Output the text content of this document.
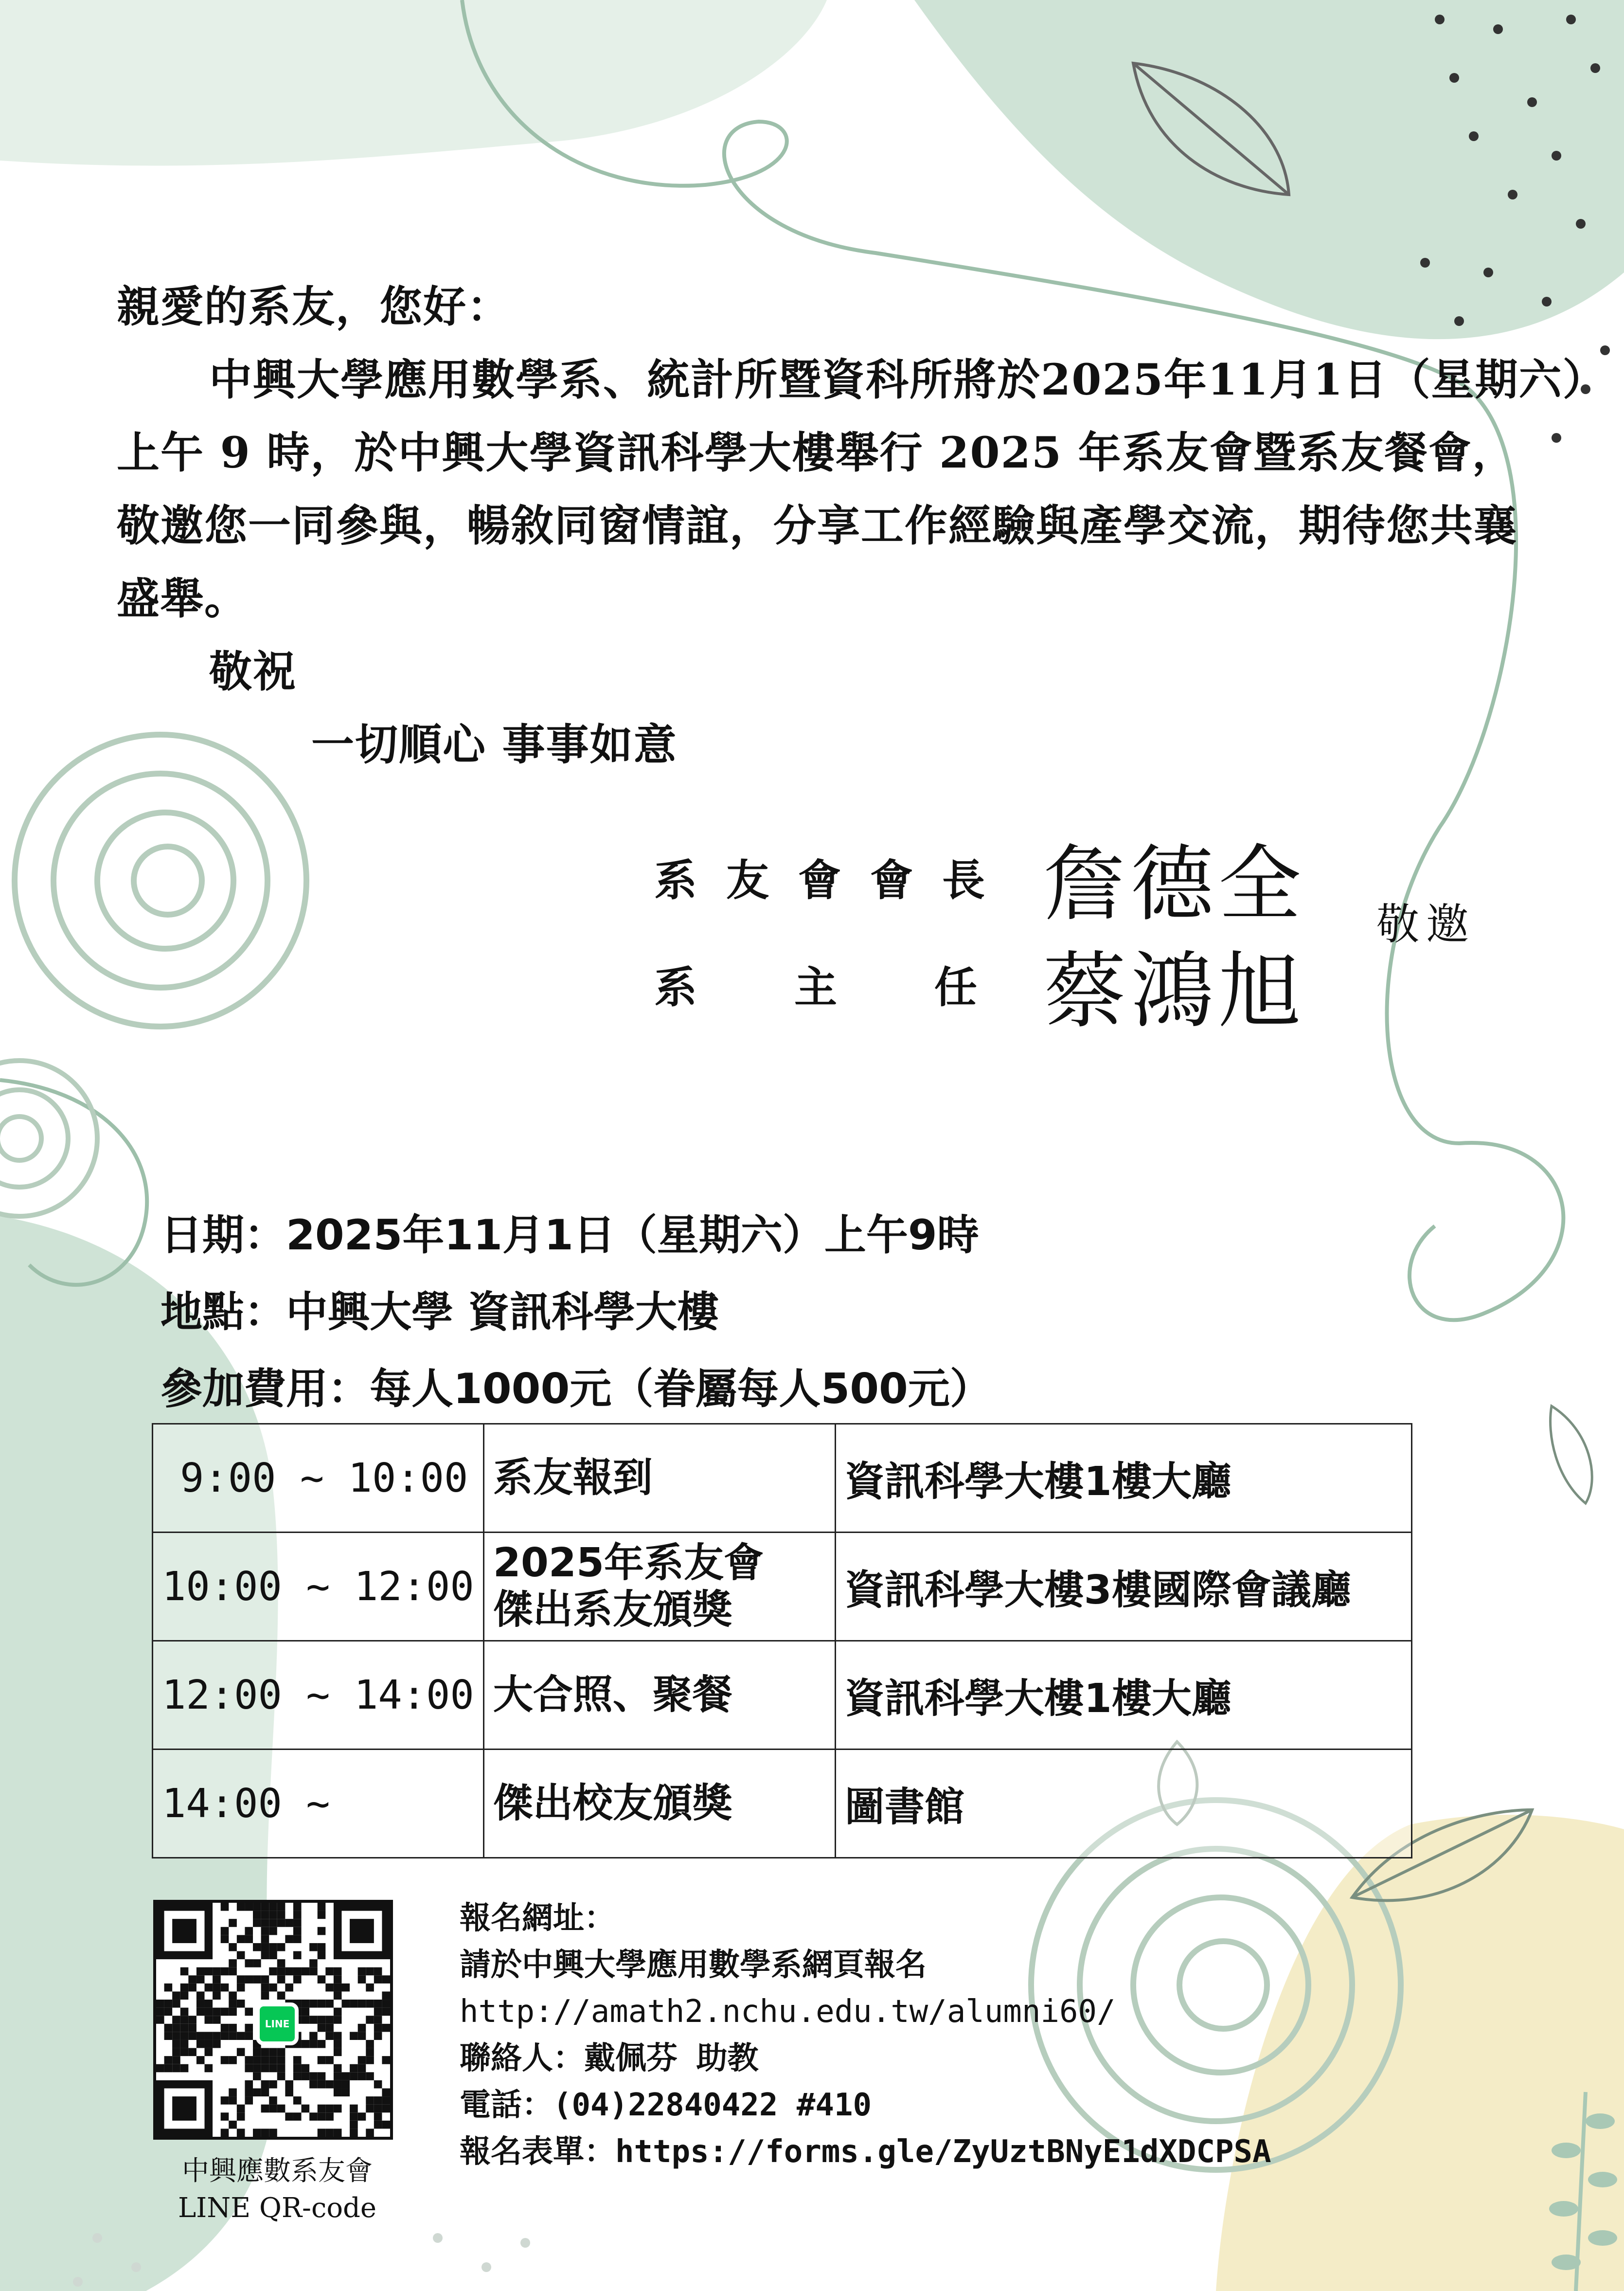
親愛的系友，您好：

中興大學應用數學系、統計所暨資科所將於2025年11月1日（星期六）

上午 9 時，於中興大學資訊科學大樓舉行 2025 年系友會暨系友餐會，

敬邀您一同參與，暢敘同窗情誼，分享工作經驗與產學交流，期待您共襄

盛舉。

敬祝

一切順心 事事如意

系友會會長 詹德全
系主任
蔡鴻旭
敬邀

日期：2025年11月1日（星期六）上午9時

地點：中興大學 資訊科學大樓

參加費用：每人1000元（眷屬每人500元）

9:00 ~ 10:00	系友報到	資訊科學大樓1樓大廳
10:00 ~ 12:00	2025年系友會
傑出系友頒獎	資訊科學大樓3樓國際會議廳
12:00 ~ 14:00	大合照、聚餐	資訊科學大樓1樓大廳
14:00 ~	傑出校友頒獎	圖書館
LINE
中興應數系友會
LINE QR-code

報名網址：

請於中興大學應用數學系網頁報名

http://amath2.nchu.edu.tw/alumni60/

聯絡人：戴佩芬 助教

電話：(04)22840422 #410

報名表單：https://forms.gle/ZyUztBNyE1dXDCPSA
